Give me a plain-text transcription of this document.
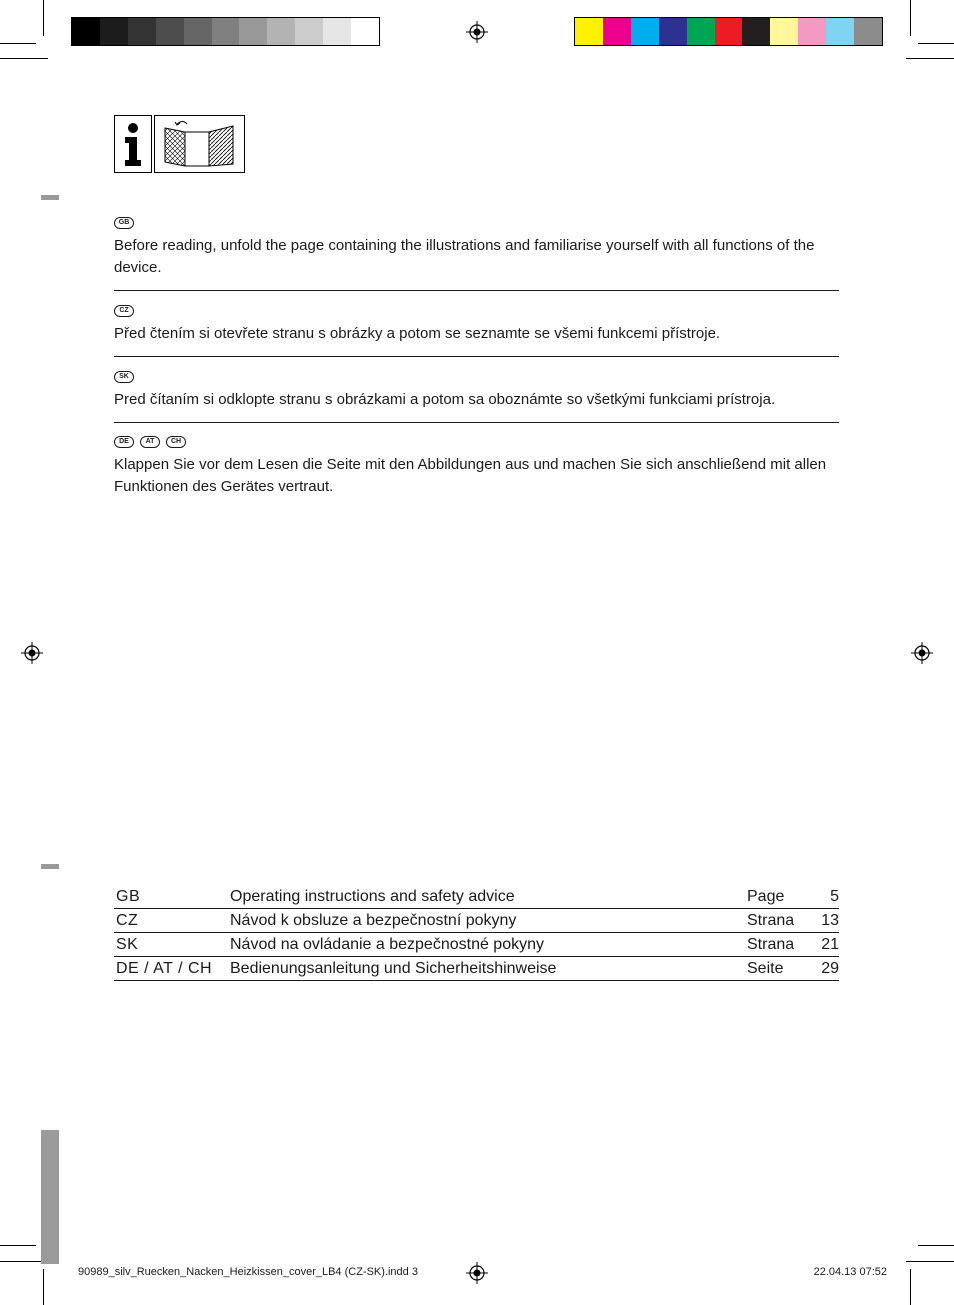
GB
Before reading, unfold the page containing the illustrations and familiarise yourself with all functions of the device.
CZ
Před čtením si otevřete stranu s obrázky a potom se seznamte se všemi funkcemi přístroje.
SK
Pred čítaním si odklopte stranu s obrázkami a potom sa oboznámte so všetkými funkciami prístroja.
DE	AT	CH
Klappen Sie vor dem Lesen die Seite mit den Abbildungen aus und machen Sie sich anschließend mit allen Funktionen des Gerätes vertraut.
GB	Operating instructions and safety advice	Page	5
CZ	Návod k obsluze a bezpečnostní pokyny	Strana	13
SK	Návod na ovládanie a bezpečnostné pokyny	Strana	21
DE / AT / CH	Bedienungsanleitung und Sicherheitshinweise	Seite	29
90989_silv_Ruecken_Nacken_Heizkissen_cover_LB4 (CZ-SK).indd 3	22.04.13 07:52
